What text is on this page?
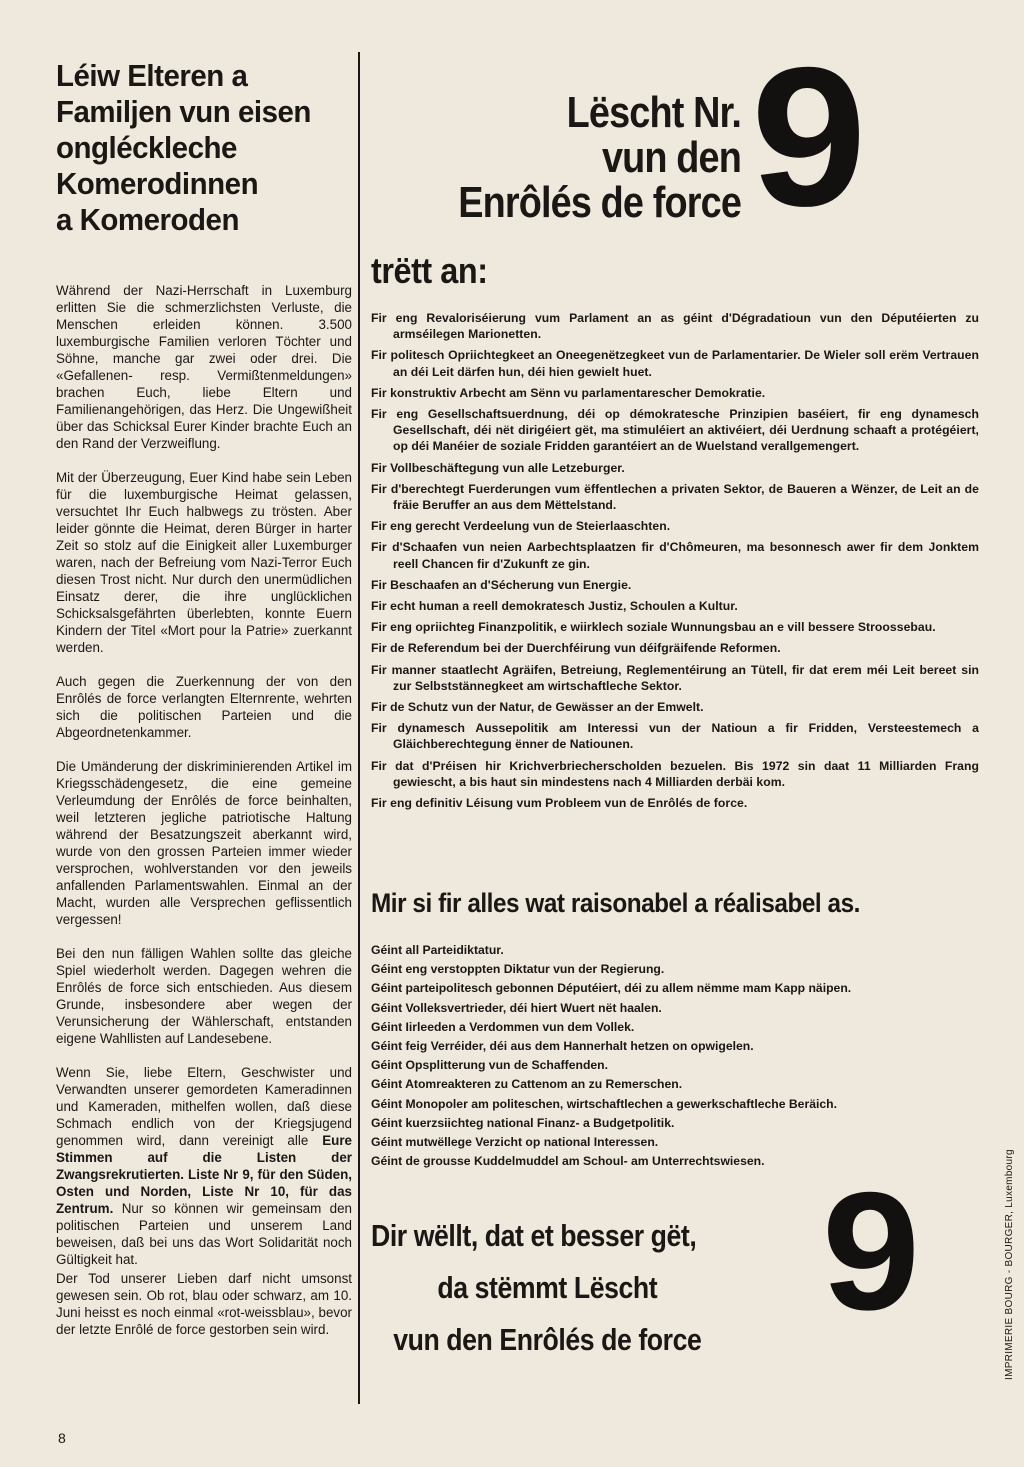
Léiw Elteren a
Familjen vun eisen
ongléckleche
Komerodinnen
a Komeroden

Während der Nazi-Herrschaft in Luxemburg erlitten Sie die schmerzlichsten Verluste, die Menschen erleiden können. 3.500 luxemburgische Familien verloren Töchter und Söhne, manche gar zwei oder drei. Die «Gefallenen- resp. Vermißtenmeldungen» brachen Euch, liebe Eltern und Familienangehörigen, das Herz. Die Ungewißheit über das Schicksal Eurer Kinder brachte Euch an den Rand der Verzweiflung.

Mit der Überzeugung, Euer Kind habe sein Leben für die luxemburgische Heimat gelassen, versuchtet Ihr Euch halbwegs zu trösten. Aber leider gönnte die Heimat, deren Bürger in harter Zeit so stolz auf die Einigkeit aller Luxemburger waren, nach der Befreiung vom Nazi-Terror Euch diesen Trost nicht. Nur durch den unermüdlichen Einsatz derer, die ihre unglücklichen Schicksalsgefährten überlebten, konnte Euern Kindern der Titel «Mort pour la Patrie» zuerkannt werden.

Auch gegen die Zuerkennung der von den Enrôlés de force verlangten Elternrente, wehrten sich die politischen Parteien und die Abgeordnetenkammer.

Die Umänderung der diskriminierenden Artikel im Kriegsschädengesetz, die eine gemeine Verleumdung der Enrôlés de force beinhalten, weil letzteren jegliche patriotische Haltung während der Besatzungszeit aberkannt wird, wurde von den grossen Parteien immer wieder versprochen, wohlverstanden vor den jeweils anfallenden Parlamentswahlen. Einmal an der Macht, wurden alle Versprechen geflissentlich vergessen!

Bei den nun fälligen Wahlen sollte das gleiche Spiel wiederholt werden. Dagegen wehren die Enrôlés de force sich entschieden. Aus diesem Grunde, insbesondere aber wegen der Verunsicherung der Wählerschaft, entstanden eigene Wahllisten auf Landesebene.

Wenn Sie, liebe Eltern, Geschwister und Verwandten unserer gemordeten Kameradinnen und Kameraden, mithelfen wollen, daß diese Schmach endlich von der Kriegsjugend genommen wird, dann vereinigt alle Eure Stimmen auf die Listen der Zwangsrekrutierten. Liste Nr 9, für den Süden, Osten und Norden, Liste Nr 10, für das Zentrum. Nur so können wir gemeinsam den politischen Parteien und unserem Land beweisen, daß bei uns das Wort Solidarität noch Gültigkeit hat.

Der Tod unserer Lieben darf nicht umsonst gewesen sein. Ob rot, blau oder schwarz, am 10. Juni heisst es noch einmal «rot-weissblau», bevor der letzte Enrôlé de force gestorben sein wird.

Lëscht Nr.
vun den
Enrôlés de force 9
trëtt an:
Fir eng Revaloriséierung vum Parlament an as géint d'Dégradatioun vun den Députéierten zu armséilegen Marionetten.
Fir politesch Opriichtegkeet an Oneegenëtzegkeet vun de Parlamentarier. De Wieler soll erëm Vertrauen an déi Leit därfen hun, déi hien gewielt huet.
Fir konstruktiv Arbecht am Sënn vu parlamentarescher Demokratie.
Fir eng Gesellschaftsuerdnung, déi op démokratesche Prinzipien baséiert, fir eng dynamesch Gesellschaft, déi nët dirigéiert gët, ma stimuléiert an aktivéiert, déi Uerdnung schaaft a protégéiert, op déi Manéier de soziale Fridden garantéiert an de Wuelstand verallgemengert.
Fir Vollbeschäftegung vun alle Letzeburger.
Fir d'berechtegt Fuerderungen vum ëffentlechen a privaten Sektor, de Baueren a Wënzer, de Leit an de fräie Beruffer an aus dem Mëttelstand.
Fir eng gerecht Verdeelung vun de Steierlaaschten.
Fir d'Schaafen vun neien Aarbechtsplaatzen fir d'Chômeuren, ma besonnesch awer fir dem Jonktem reell Chancen fir d'Zukunft ze gin.
Fir Beschaafen an d'Sécherung vun Energie.
Fir echt human a reell demokratesch Justiz, Schoulen a Kultur.
Fir eng opriichteg Finanzpolitik, e wiirklech soziale Wunnungsbau an e vill bessere Stroossebau.
Fir de Referendum bei der Duerchféirung vun déifgräifende Reformen.
Fir manner staatlecht Agräifen, Betreiung, Reglementéirung an Tütell, fir dat erem méi Leit bereet sin zur Selbststännegkeet am wirtschaftleche Sektor.
Fir de Schutz vun der Natur, de Gewässer an der Emwelt.
Fir dynamesch Aussepolitik am Interessi vun der Natioun a fir Fridden, Versteestemech a Gläichberechtegung ënner de Natiounen.
Fir dat d'Préisen hir Krichverbriecherscholden bezuelen. Bis 1972 sin daat 11 Milliarden Frang gewiescht, a bis haut sin mindestens nach 4 Milliarden derbäi kom.
Fir eng definitiv Léisung vum Probleem vun de Enrôlés de force.
Mir si fir alles wat raisonabel a réalisabel as.
Géint all Parteidiktatur.
Géint eng verstoppten Diktatur vun der Regierung.
Géint parteipolitesch gebonnen Députéiert, déi zu allem nëmme mam Kapp näipen.
Géint Volleksvertrieder, déi hiert Wuert nët haalen.
Géint Iirleeden a Verdommen vun dem Vollek.
Géint feig Verréider, déi aus dem Hannerhalt hetzen on opwigelen.
Géint Opsplitterung vun de Schaffenden.
Géint Atomreakteren zu Cattenom an zu Remerschen.
Géint Monopoler am politeschen, wirtschaftlechen a gewerkschaftleche Beräich.
Géint kuerzsiichteg national Finanz- a Budgetpolitik.
Géint mutwëllege Verzicht op national Interessen.
Géint de grousse Kuddelmuddel am Schoul- am Unterrechtswiesen.
Dir wëllt, dat et besser gët,
da stëmmt Lëscht
vun den Enrôlés de force 9
8
IMPRIMERIE BOURG - BOURGER, Luxembourg
